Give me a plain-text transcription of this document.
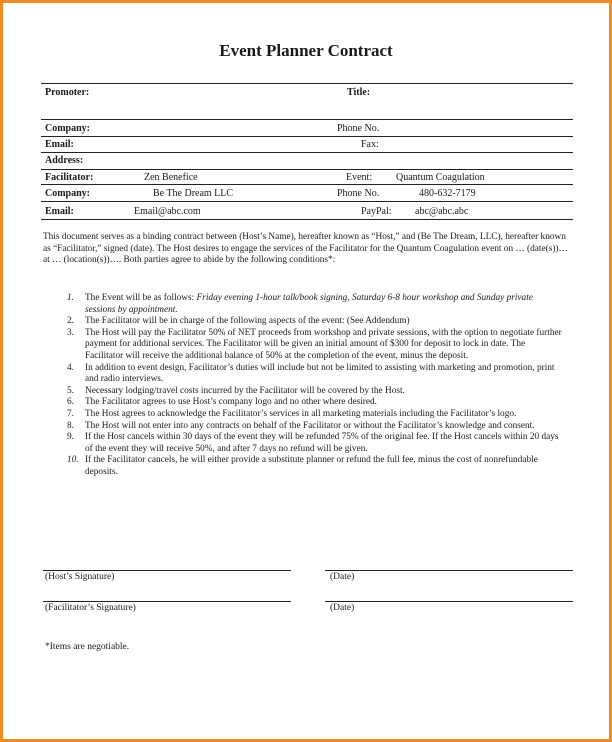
Event Planner Contract
Promoter:	Title:
Company:	Phone No.
Email:	Fax:
Address:
Facilitator:	Zen Benefice	Event: Quantum Coagulation
Company:	Be The Dream LLC	Phone No.	480-632-7179
Email:	Email@abc.com	PayPal: abc@abc.abc

This document serves as a binding contract between (Host’s Name), hereafter known as “Host,” and (Be The Dream, LLC), hereafter known as “Facilitator,” signed (date). The Host desires to engage the services of the Facilitator for the Quantum Coagulation event on … (date(s))… at … (location(s))…. Both parties agree to abide by the following conditions*:

1. The Event will be as follows: Friday evening 1-hour talk/book signing, Saturday 6-8 hour workshop and Sunday private sessions by appointment.
2. The Facilitator will be in charge of the following aspects of the event: (See Addendum)
3. The Host will pay the Facilitator 50% of NET proceeds from workshop and private sessions, with the option to negotiate further payment for additional services. The Facilitator will be given an initial amount of $300 for deposit to lock in date. The Facilitator will receive the additional balance of 50% at the completion of the event, minus the deposit.
4. In addition to event design, Facilitator’s duties will include but not be limited to assisting with marketing and promotion, print and radio interviews.
5. Necessary lodging/travel costs incurred by the Facilitator will be covered by the Host.
6. The Facilitator agrees to use Host’s company logo and no other where desired.
7. The Host agrees to acknowledge the Facilitator’s services in all marketing materials including the Facilitator’s logo.
8. The Host will not enter into any contracts on behalf of the Facilitator or without the Facilitator’s knowledge and consent.
9. If the Host cancels within 30 days of the event they will be refunded 75% of the original fee. If the Host cancels within 20 days of the event they will receive 50%, and after 7 days no refund will be given.
10. If the Facilitator cancels, he will either provide a substitute planner or refund the full fee, minus the cost of nonrefundable deposits.
(Host’s Signature)	(Date)
(Facilitator’s Signature)	(Date)
*Items are negotiable.
